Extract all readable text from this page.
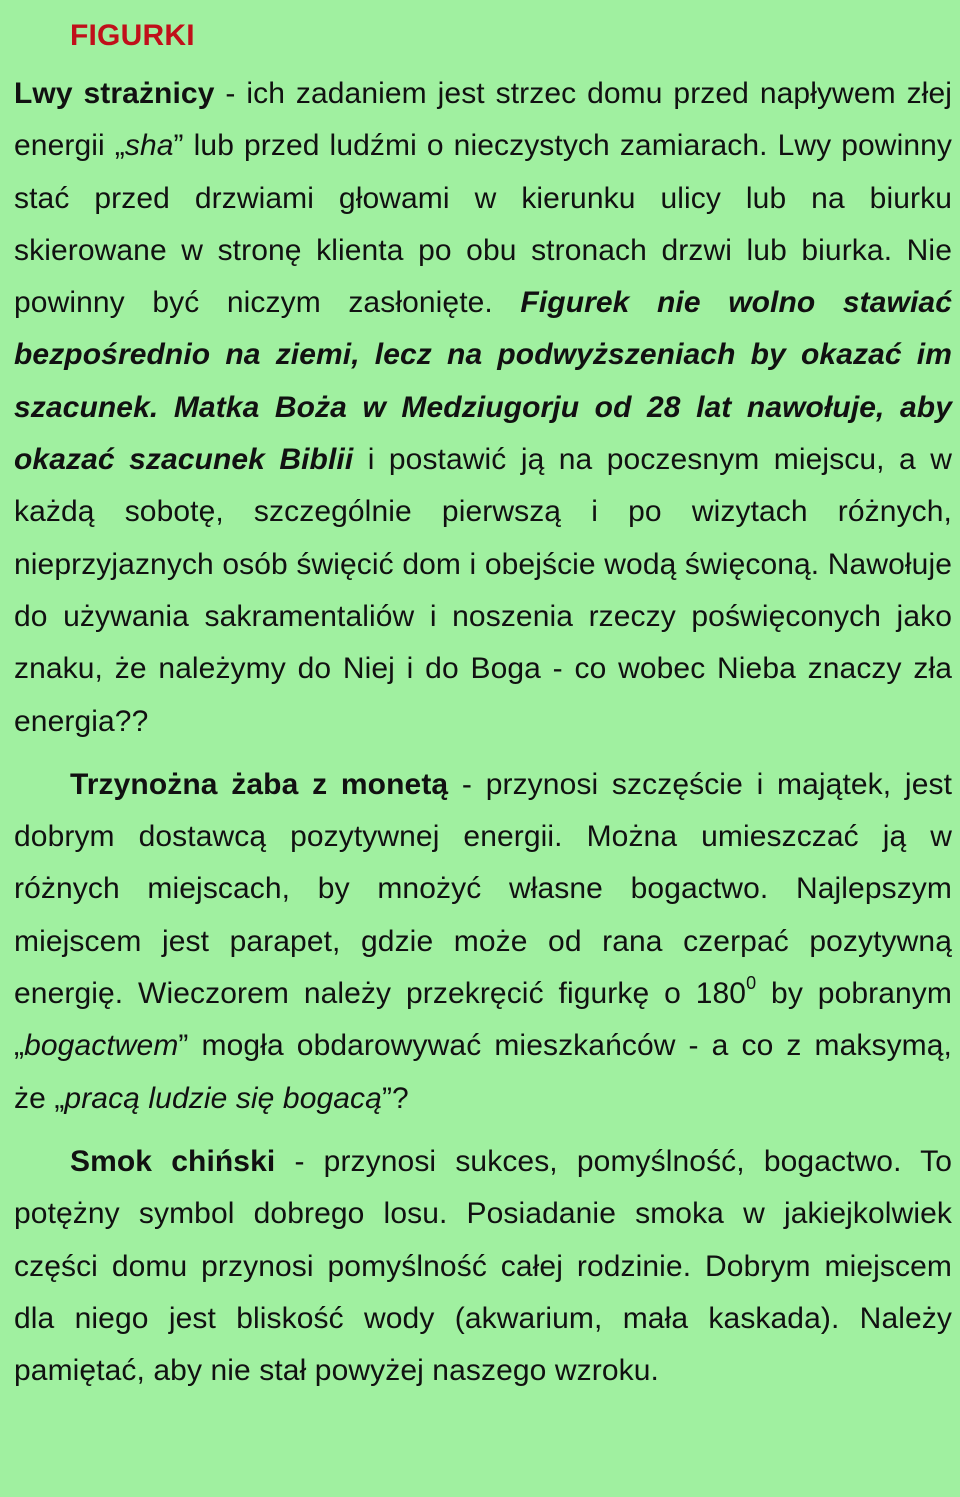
FIGURKI

Lwy strażnicy - ich zadaniem jest strzec domu przed napływem złej energii „sha” lub przed ludźmi o nieczystych zamiarach. Lwy powinny stać przed drzwiami głowami w kierunku ulicy lub na biurku skierowane w stronę klienta po obu stronach drzwi lub biurka. Nie powinny być niczym zasłonięte. Figurek nie wolno stawiać bezpośrednio na ziemi, lecz na podwyższeniach by okazać im szacunek. Matka Boża w Medziugorju od 28 lat nawołuje, aby okazać szacunek Biblii i postawić ją na poczesnym miejscu, a w każdą sobotę, szczególnie pierwszą i po wizytach różnych, nieprzyjaznych osób święcić dom i obejście wodą święconą. Nawołuje do używania sakramentaliów i noszenia rzeczy poświęconych jako znaku, że należymy do Niej i do Boga - co wobec Nieba znaczy zła energia??

Trzynożna żaba z monetą - przynosi szczęście i majątek, jest dobrym dostawcą pozytywnej energii. Można umieszczać ją w różnych miejscach, by mnożyć własne bogactwo. Najlepszym miejscem jest parapet, gdzie może od rana czerpać pozytywną energię. Wieczorem należy przekręcić figurkę o $180^0$ by pobranym „bogactwem” mogła obdarowywać mieszkańców - a co z maksymą, że „pracą ludzie się bogacą”?

Smok chiński - przynosi sukces, pomyślność, bogactwo. To potężny symbol dobrego losu. Posiadanie smoka w jakiejkolwiek części domu przynosi pomyślność całej rodzinie. Dobrym miejscem dla niego jest bliskość wody (akwarium, mała kaskada). Należy pamiętać, aby nie stał powyżej naszego wzroku.
